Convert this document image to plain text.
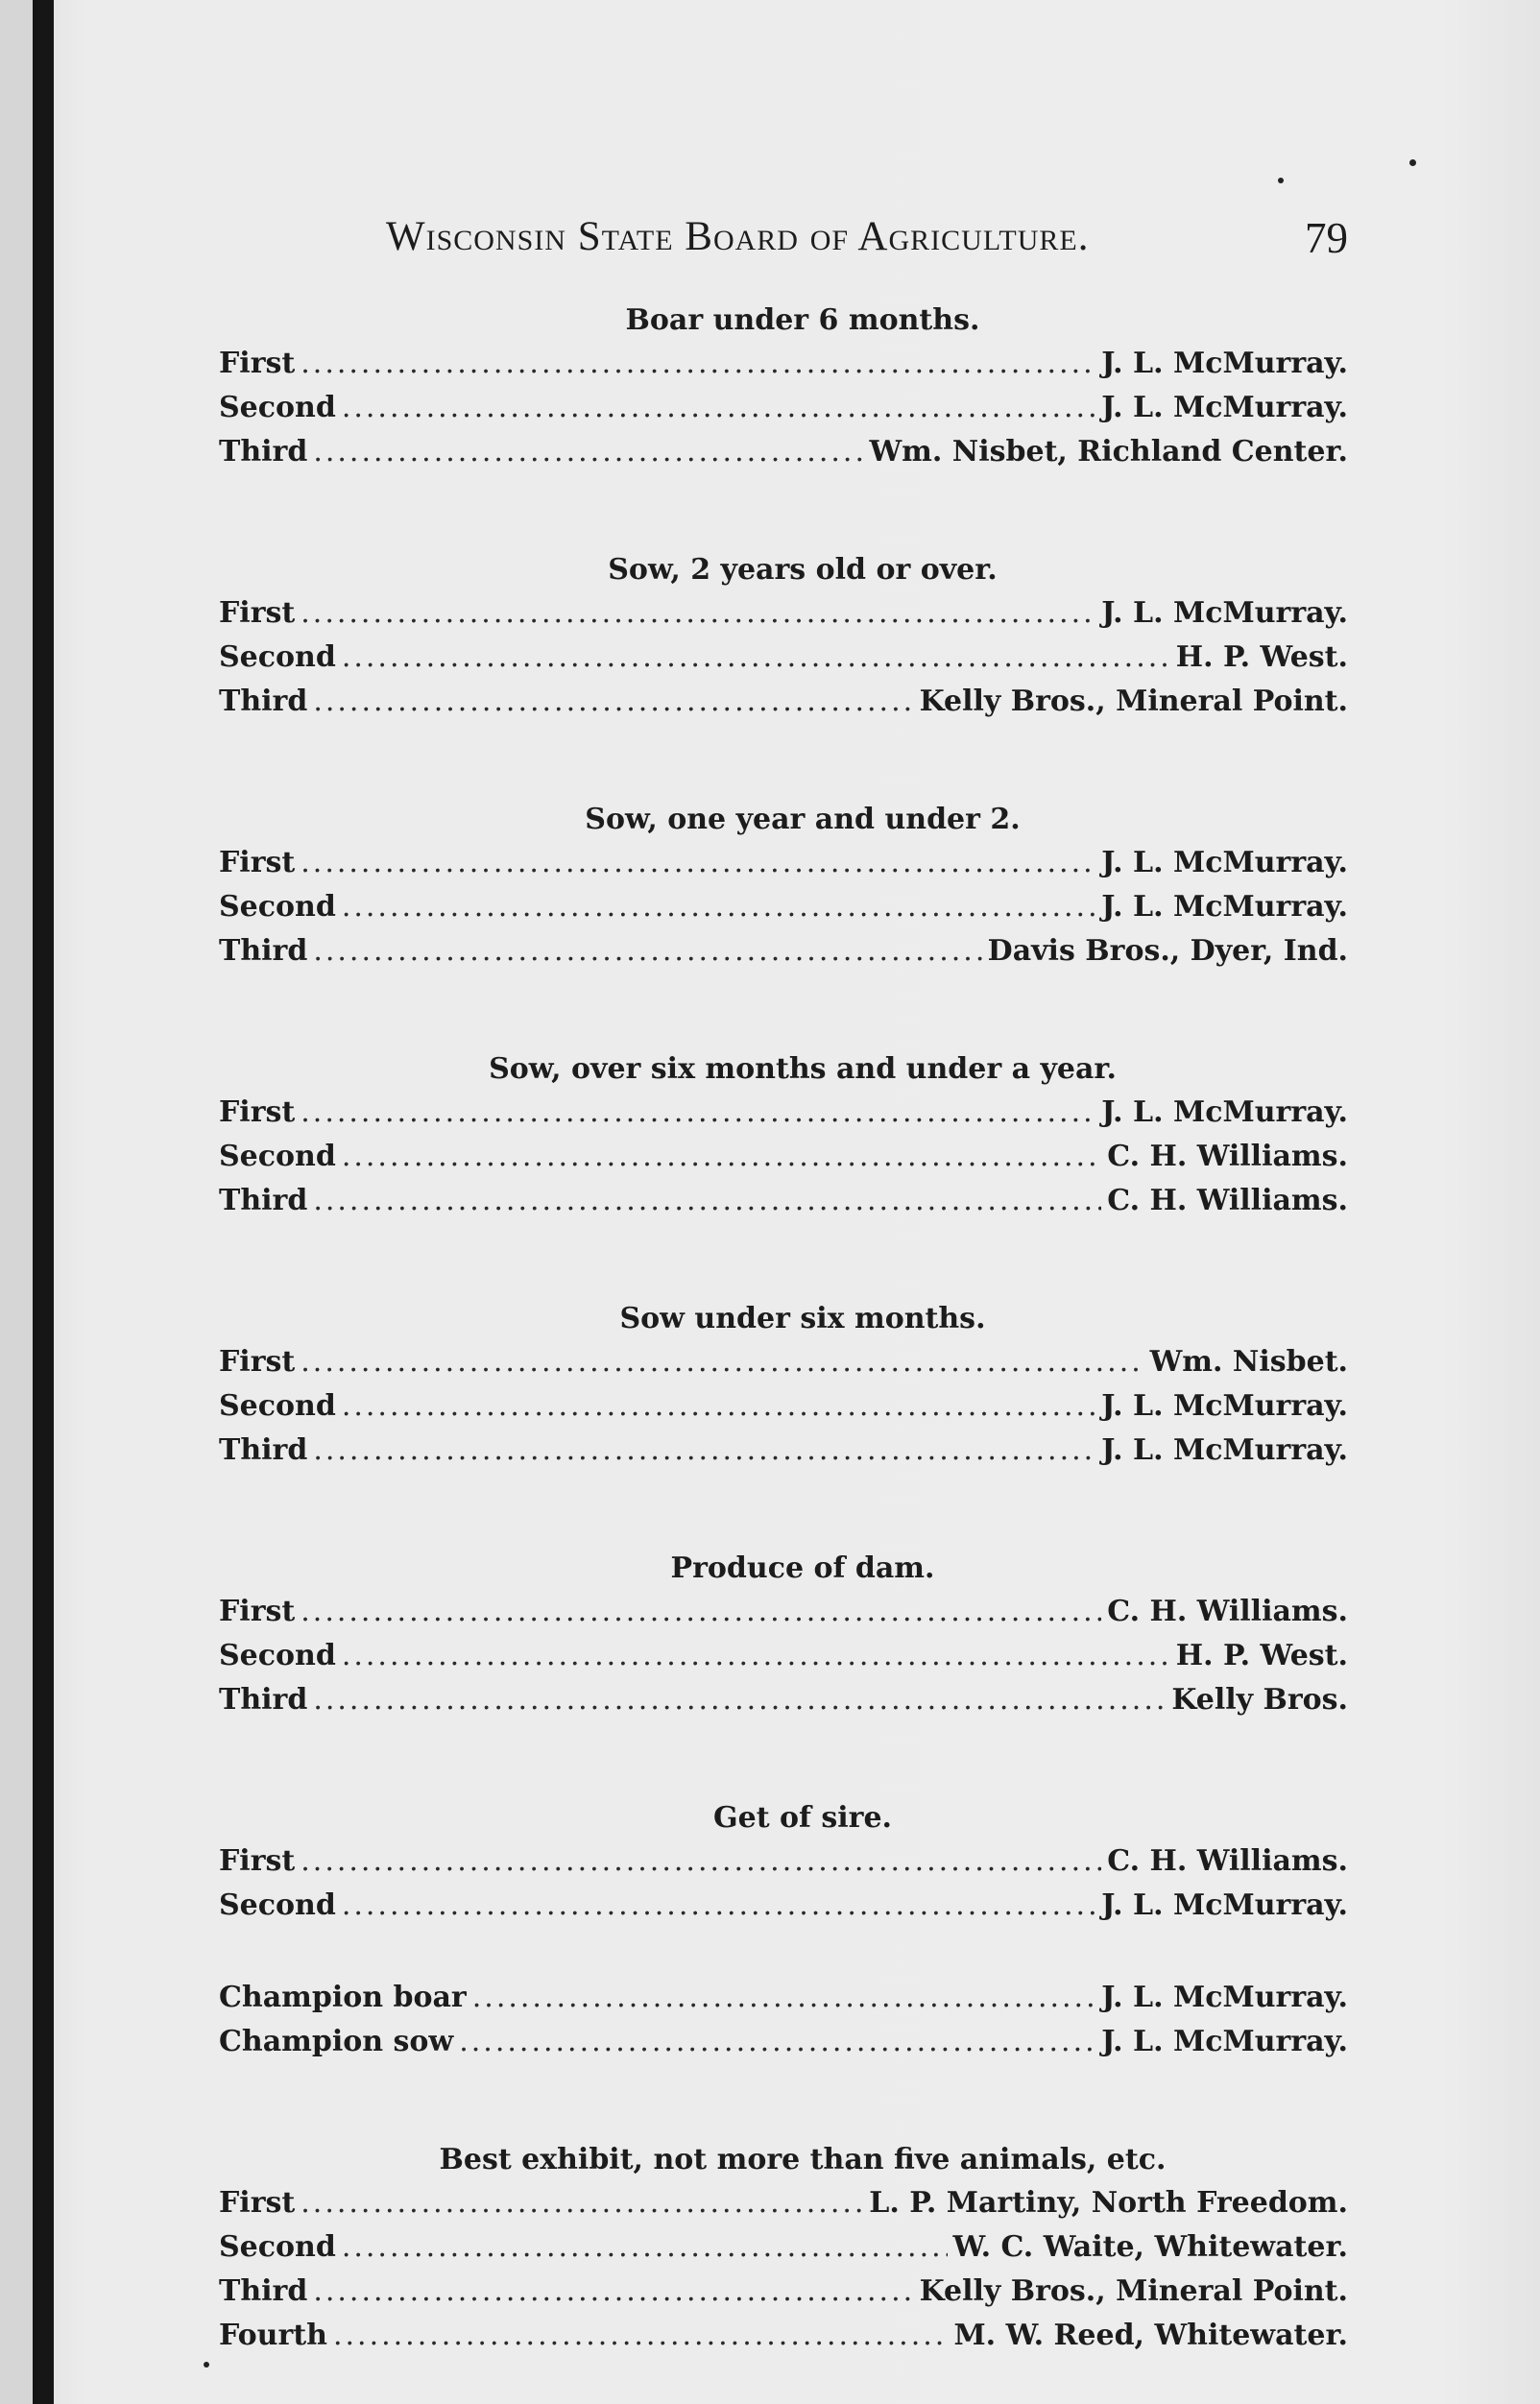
Wisconsin State Board of Agriculture.	79
Boar under 6 months.
First .....	J. L. McMurray.
Second .....	J. L. McMurray.
Third .....	Wm. Nisbet, Richland Center.
Sow, 2 years old or over.
First .....	J. L. McMurray.
Second .....	H. P. West.
Third .....	Kelly Bros., Mineral Point.
Sow, one year and under 2.
First .....	J. L. McMurray.
Second .....	J. L. McMurray.
Third .....	Davis Bros., Dyer, Ind.
Sow, over six months and under a year.
First .....	J. L. McMurray.
Second .....	C. H. Williams.
Third .....	C. H. Williams.
Sow under six months.
First .....	Wm. Nisbet.
Second .....	J. L. McMurray.
Third .....	J. L. McMurray.
Produce of dam.
First .....	C. H. Williams.
Second .....	H. P. West.
Third .....	Kelly Bros.
Get of sire.
First .....	C. H. Williams.
Second .....	J. L. McMurray.
Champion boar .....	J. L. McMurray.
Champion sow .....	J. L. McMurray.
Best exhibit, not more than five animals, etc.
First .....	L. P. Martiny, North Freedom.
Second .....	W. C. Waite, Whitewater.
Third .....	Kelly Bros., Mineral Point.
Fourth .....	M. W. Reed, Whitewater.
